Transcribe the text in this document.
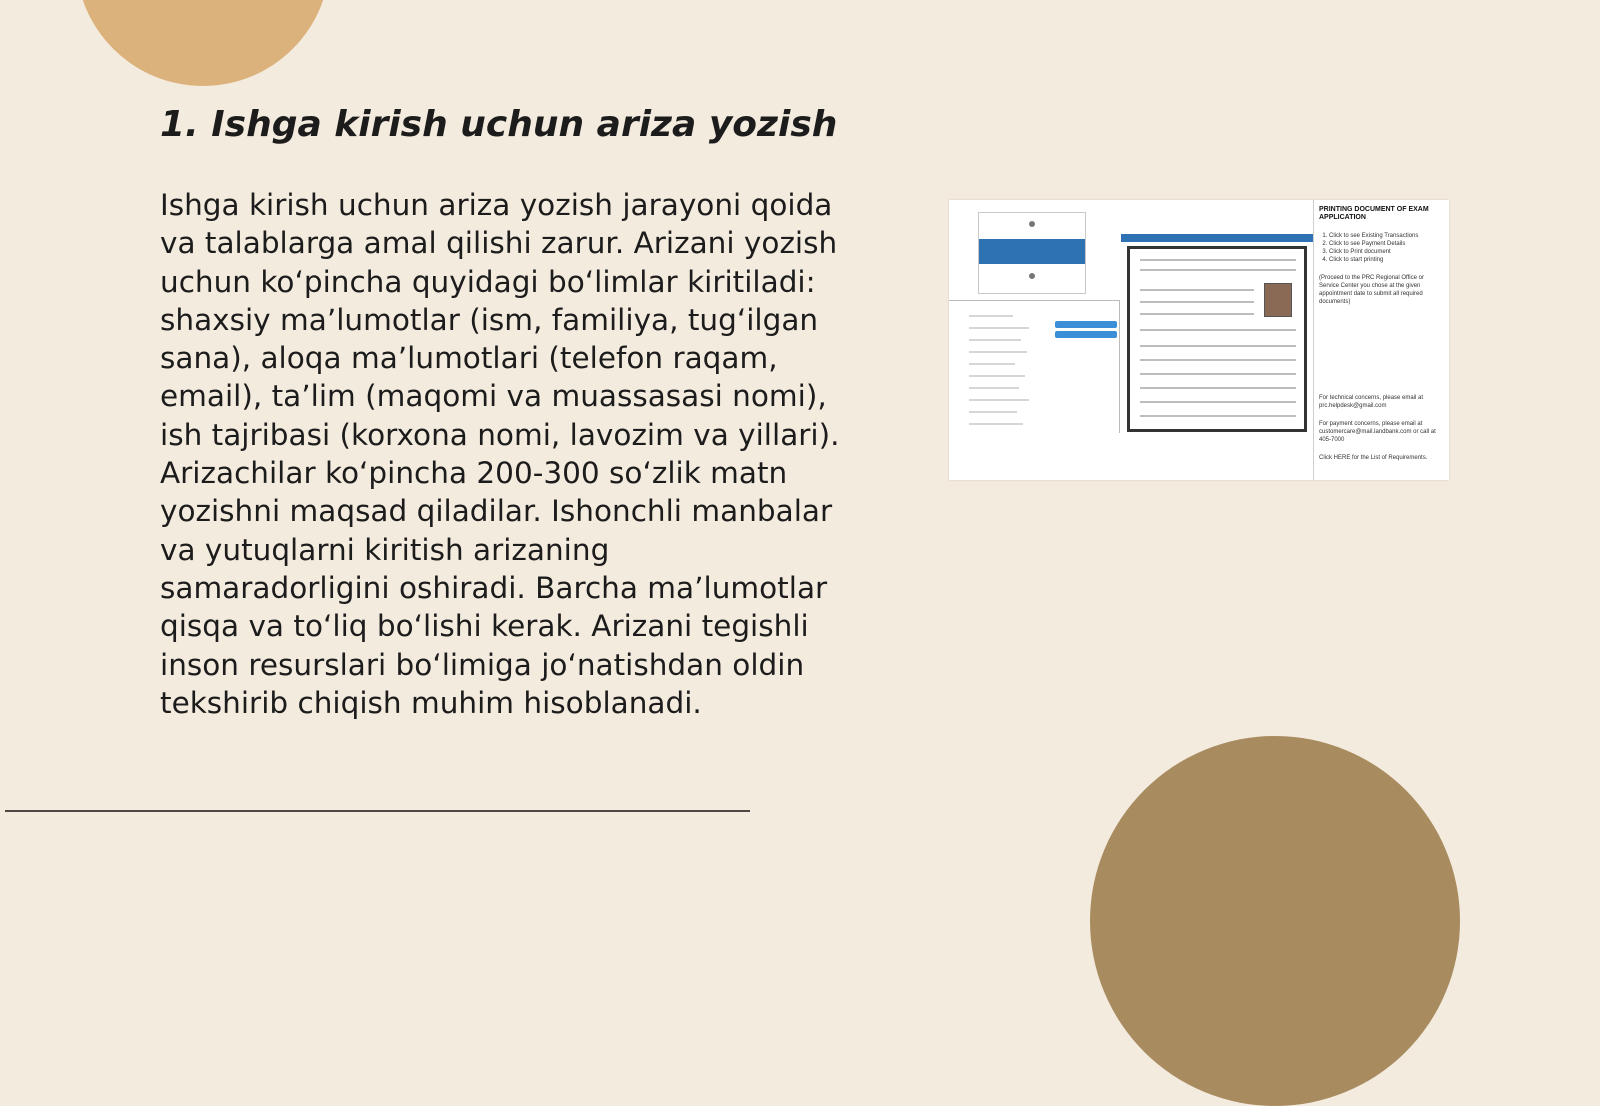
1. Ishga kirish uchun ariza yozish

Ishga kirish uchun ariza yozish jarayoni qoida va talablarga amal qilishi zarur. Arizani yozish uchun ko‘pincha quyidagi bo‘limlar kiritiladi: shaxsiy ma’lumotlar (ism, familiya, tug‘ilgan sana), aloqa ma’lumotlari (telefon raqam, email), ta’lim (maqomi va muassasasi nomi), ish tajribasi (korxona nomi, lavozim va yillari). Arizachilar ko‘pincha 200-300 so‘zlik matn yozishni maqsad qiladilar. Ishonchli manbalar va yutuqlarni kiritish arizaning samaradorligini oshiradi. Barcha ma’lumotlar qisqa va to‘liq bo‘lishi kerak. Arizani tegishli inson resurslari bo‘limiga jo‘natishdan oldin tekshirib chiqish muhim hisoblanadi.

PRINTING DOCUMENT OF EXAM APPLICATION
1. Click to see Existing Transactions
2. Click to see Payment Details
3. Click to Print document
4. Click to start printing
(Proceed to the PRC Regional Office or Service Center you chose at the given appointment date to submit all required documents)
For technical concerns, please email at prc.helpdesk@gmail.com
For payment concerns, please email at customercare@mail.landbank.com or call at 405-7000
Click HERE for the List of Requirements.
